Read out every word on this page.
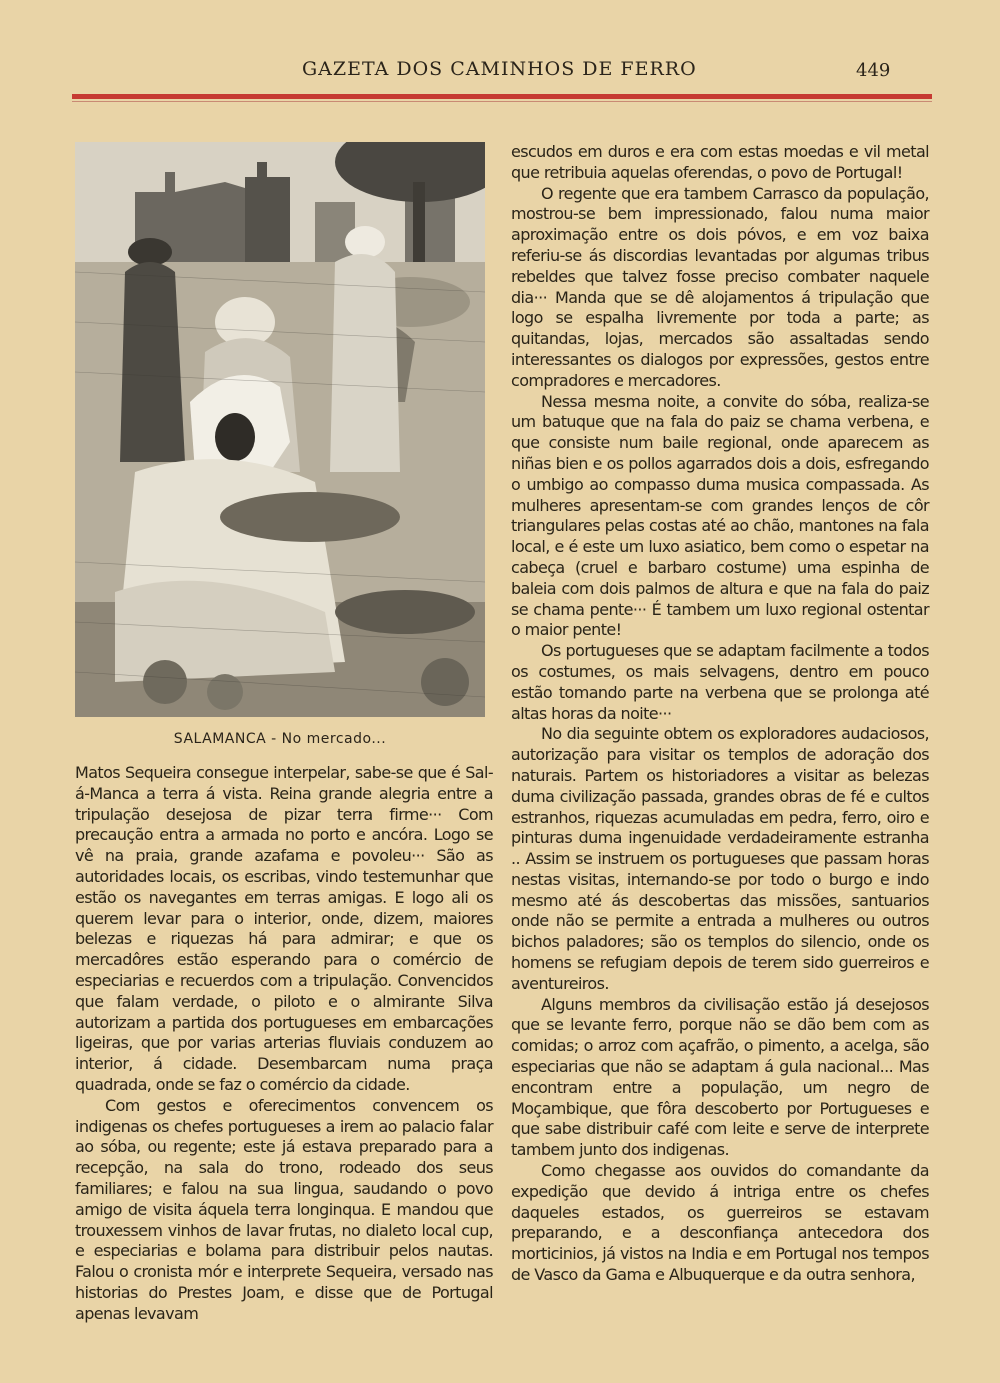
GAZETA DOS CAMINHOS DE FERRO	449
SALAMANCA - No mercado...

Matos Sequeira consegue interpelar, sabe-se que é Sal-á-Manca a terra á vista. Reina grande alegria entre a tripulação desejosa de pizar terra firme··· Com precaução entra a armada no porto e ancóra. Logo se vê na praia, grande azafama e povoleu··· São as autoridades locais, os escribas, vindo testemunhar que estão os navegantes em terras amigas. E logo ali os querem levar para o interior, onde, dizem, maiores belezas e riquezas há para admirar; e que os mercadôres estão esperando para o comércio de especiarias e recuerdos com a tripulação. Convencidos que falam verdade, o piloto e o almirante Silva autorizam a partida dos portugueses em embarcações ligeiras, que por varias arterias fluviais conduzem ao interior, á cidade. Desembarcam numa praça quadrada, onde se faz o comércio da cidade.

Com gestos e oferecimentos convencem os indigenas os chefes portugueses a irem ao palacio falar ao sóba, ou regente; este já estava preparado para a recepção, na sala do trono, rodeado dos seus familiares; e falou na sua lingua, saudando o povo amigo de visita áquela terra longinqua. E mandou que trouxessem vinhos de lavar frutas, no dialeto local cup, e especiarias e bolama para distribuir pelos nautas. Falou o cronista mór e interprete Sequeira, versado nas historias do Prestes Joam, e disse que de Portugal apenas levavam

escudos em duros e era com estas moedas e vil metal que retribuia aquelas oferendas, o povo de Portugal!

O regente que era tambem Carrasco da população, mostrou-se bem impressionado, falou numa maior aproximação entre os dois póvos, e em voz baixa referiu-se ás discordias levantadas por algumas tribus rebeldes que talvez fosse preciso combater naquele dia··· Manda que se dê alojamentos á tripulação que logo se espalha livremente por toda a parte; as quitandas, lojas, mercados são assaltadas sendo interessantes os dialogos por expressões, gestos entre compradores e mercadores.

Nessa mesma noite, a convite do sóba, realiza-se um batuque que na fala do paiz se chama verbena, e que consiste num baile regional, onde aparecem as niñas bien e os pollos agarrados dois a dois, esfregando o umbigo ao compasso duma musica compassada. As mulheres apresentam-se com grandes lenços de côr triangulares pelas costas até ao chão, mantones na fala local, e é este um luxo asiatico, bem como o espetar na cabeça (cruel e barbaro costume) uma espinha de baleia com dois palmos de altura e que na fala do paiz se chama pente··· É tambem um luxo regional ostentar o maior pente!

Os portugueses que se adaptam facilmente a todos os costumes, os mais selvagens, dentro em pouco estão tomando parte na verbena que se prolonga até altas horas da noite···

No dia seguinte obtem os exploradores audaciosos, autorização para visitar os templos de adoração dos naturais. Partem os historiadores a visitar as belezas duma civilização passada, grandes obras de fé e cultos estranhos, riquezas acumuladas em pedra, ferro, oiro e pinturas duma ingenuidade verdadeiramente estranha .. Assim se instruem os portugueses que passam horas nestas visitas, internando-se por todo o burgo e indo mesmo até ás descobertas das missões, santuarios onde não se permite a entrada a mulheres ou outros bichos paladores; são os templos do silencio, onde os homens se refugiam depois de terem sido guerreiros e aventureiros.

Alguns membros da civilisação estão já desejosos que se levante ferro, porque não se dão bem com as comidas; o arroz com açafrão, o pimento, a acelga, são especiarias que não se adaptam á gula nacional... Mas encontram entre a população, um negro de Moçambique, que fôra descoberto por Portugueses e que sabe distribuir café com leite e serve de interprete tambem junto dos indigenas.

Como chegasse aos ouvidos do comandante da expedição que devido á intriga entre os chefes daqueles estados, os guerreiros se estavam preparando, e a desconfiança antecedora dos morticinios, já vistos na India e em Portugal nos tempos de Vasco da Gama e Albuquerque e da outra senhora,
